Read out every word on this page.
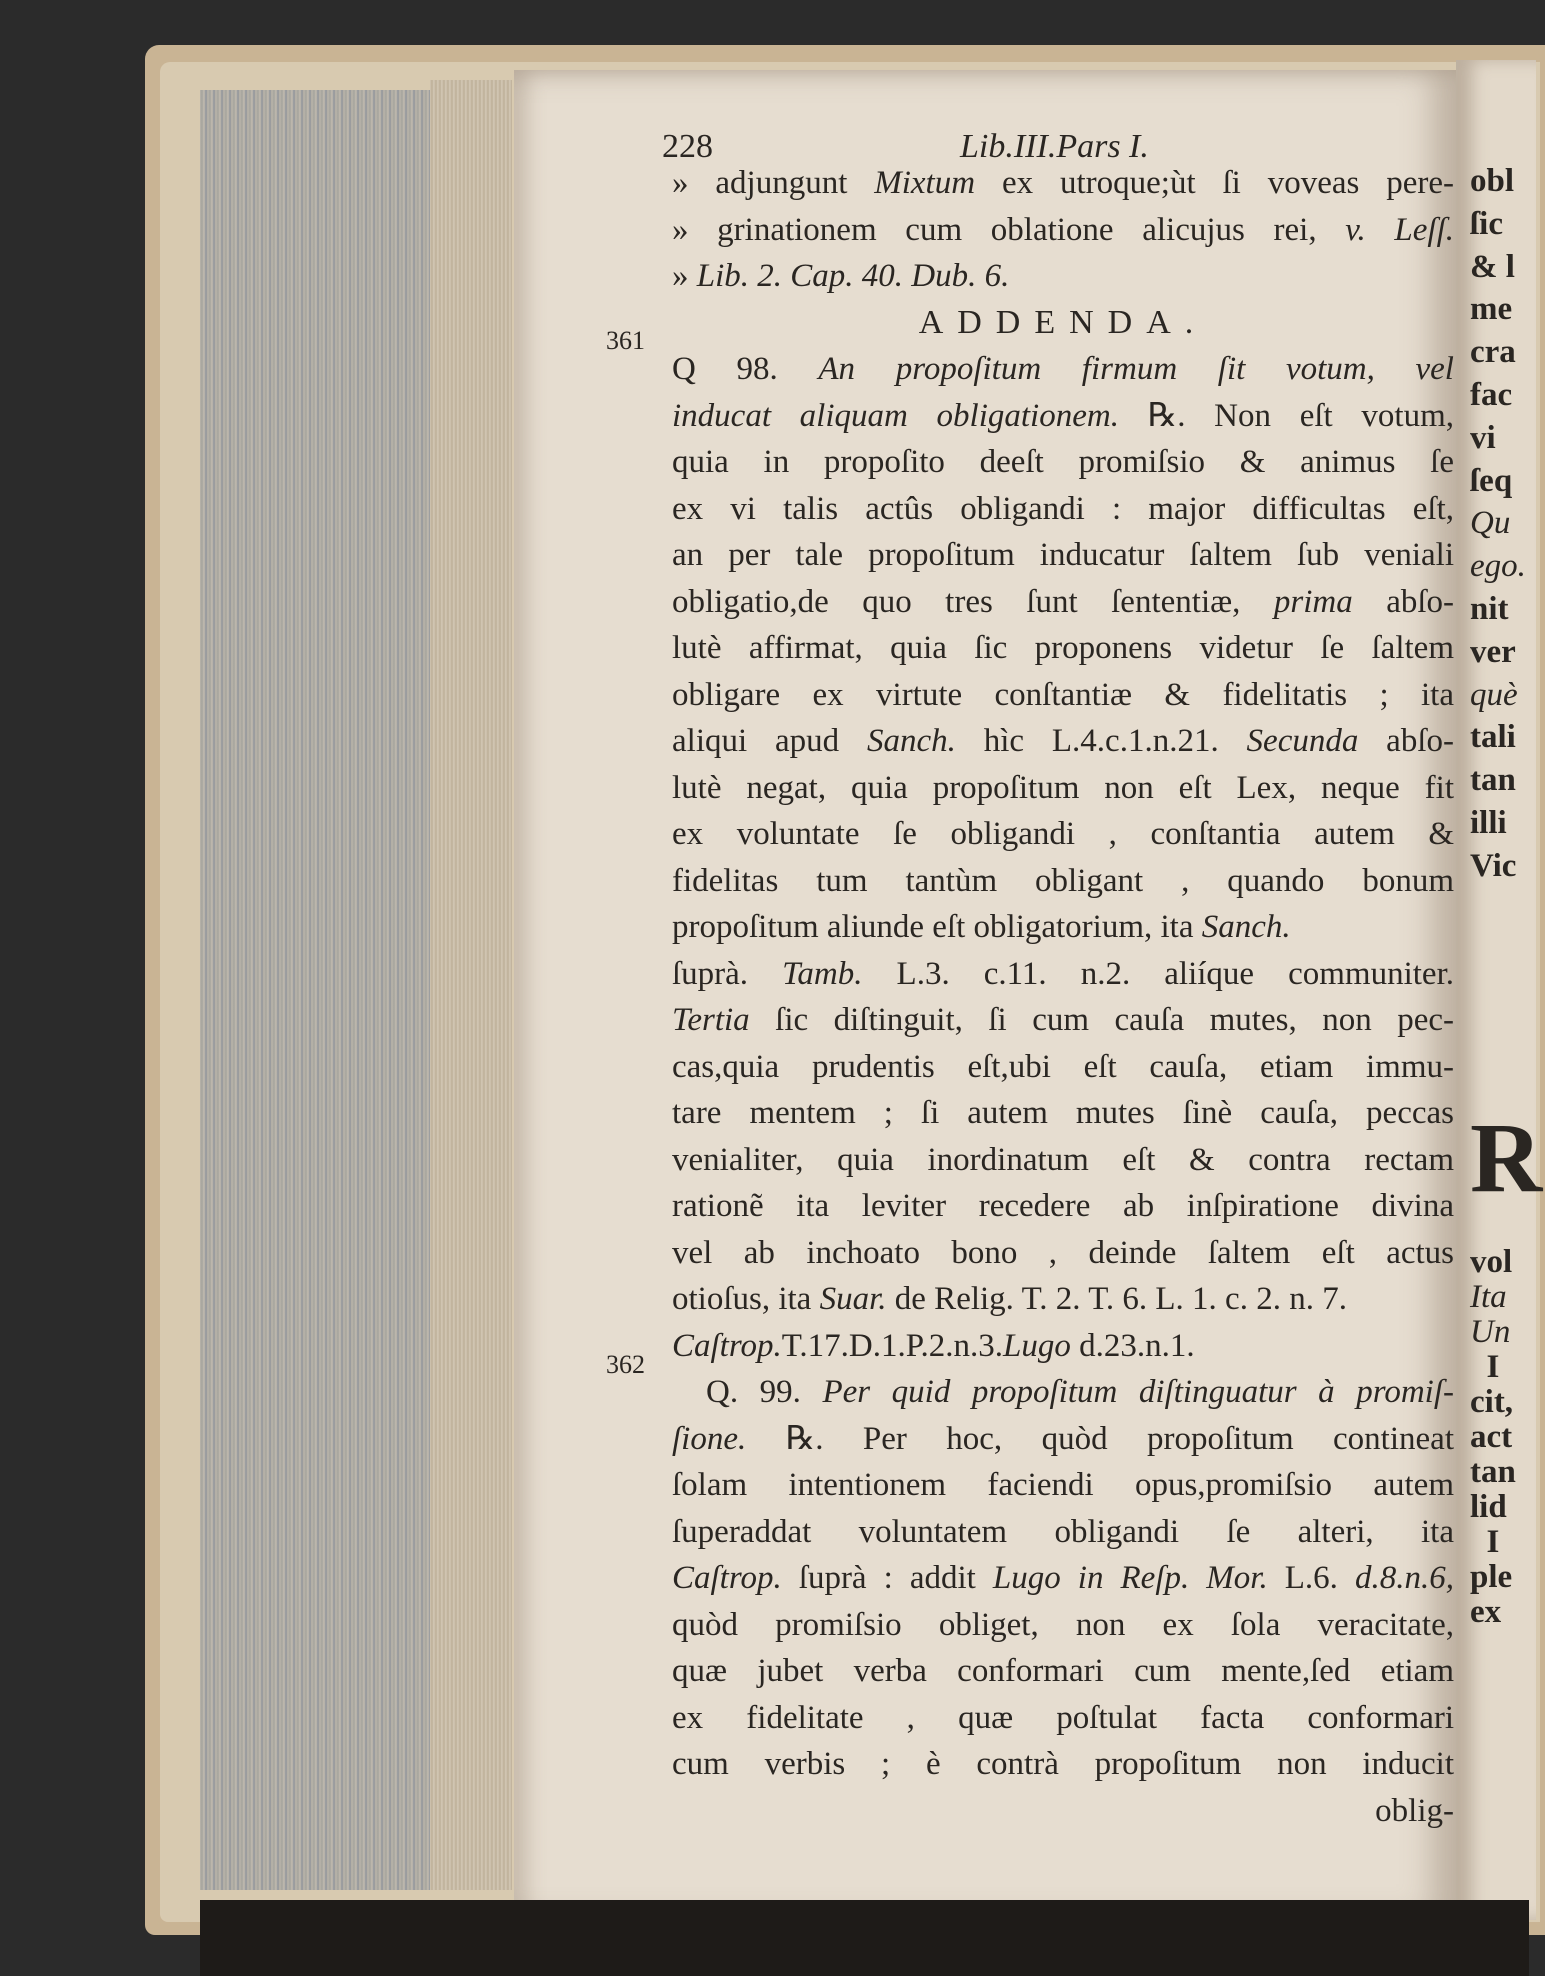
228	Lib.III.Pars I.
361
362
» adjungunt Mixtum ex utroque;ùt ſi voveas pere-
» grinationem cum oblatione alicujus rei, v. Leſſ.
» Lib. 2. Cap. 40. Dub. 6.
ADDENDA.
Q 98. An propoſitum firmum ſit votum, vel
inducat aliquam obligationem. ℞. Non eſt votum,
quia in propoſito deeſt promiſsio & animus ſe
ex vi talis actûs obligandi : major difficultas eſt,
an per tale propoſitum inducatur ſaltem ſub veniali
obligatio,de quo tres ſunt ſententiæ, prima abſo-
lutè affirmat, quia ſic proponens videtur ſe ſaltem
obligare ex virtute conſtantiæ & fidelitatis ; ita
aliqui apud Sanch. hìc L.4.c.1.n.21. Secunda abſo-
lutè negat, quia propoſitum non eſt Lex, neque fit
ex voluntate ſe obligandi , conſtantia autem &
fidelitas tum tantùm obligant , quando bonum
propoſitum aliunde eſt obligatorium, ita Sanch.
ſuprà. Tamb. L.3. c.11. n.2. aliíque communiter.
Tertia ſic diſtinguit, ſi cum cauſa mutes, non pec-
cas,quia prudentis eſt,ubi eſt cauſa, etiam immu-
tare mentem ; ſi autem mutes ſinè cauſa, peccas
venialiter, quia inordinatum eſt & contra rectam
rationẽ ita leviter recedere ab inſpiratione divina
vel ab inchoato bono , deinde ſaltem eſt actus
otioſus, ita Suar. de Relig. T. 2. T. 6. L. 1. c. 2. n. 7.
Caſtrop.T.17.D.1.P.2.n.3.Lugo d.23.n.1.
Q. 99. Per quid propoſitum diſtinguatur à promiſ-
ſione. ℞. Per hoc, quòd propoſitum contineat
ſolam intentionem faciendi opus,promiſsio autem
ſuperaddat voluntatem obligandi ſe alteri, ita
Caſtrop. ſuprà : addit Lugo in Reſp. Mor. L.6. d.8.n.6,
quòd promiſsio obliget, non ex ſola veracitate,
quæ jubet verba conformari cum mente,ſed etiam
ex fidelitate , quæ poſtulat facta conformari
cum verbis ; è contrà propoſitum non inducit
oblig-
obl
ſic
& l
me
cra
fac
vi
ſeq
Qu
ego.
nit
ver
què
tali
tan
illi
Vic
R
vol
Ita
Un
I
cit,
act
tan
lid
I
ple
ex
